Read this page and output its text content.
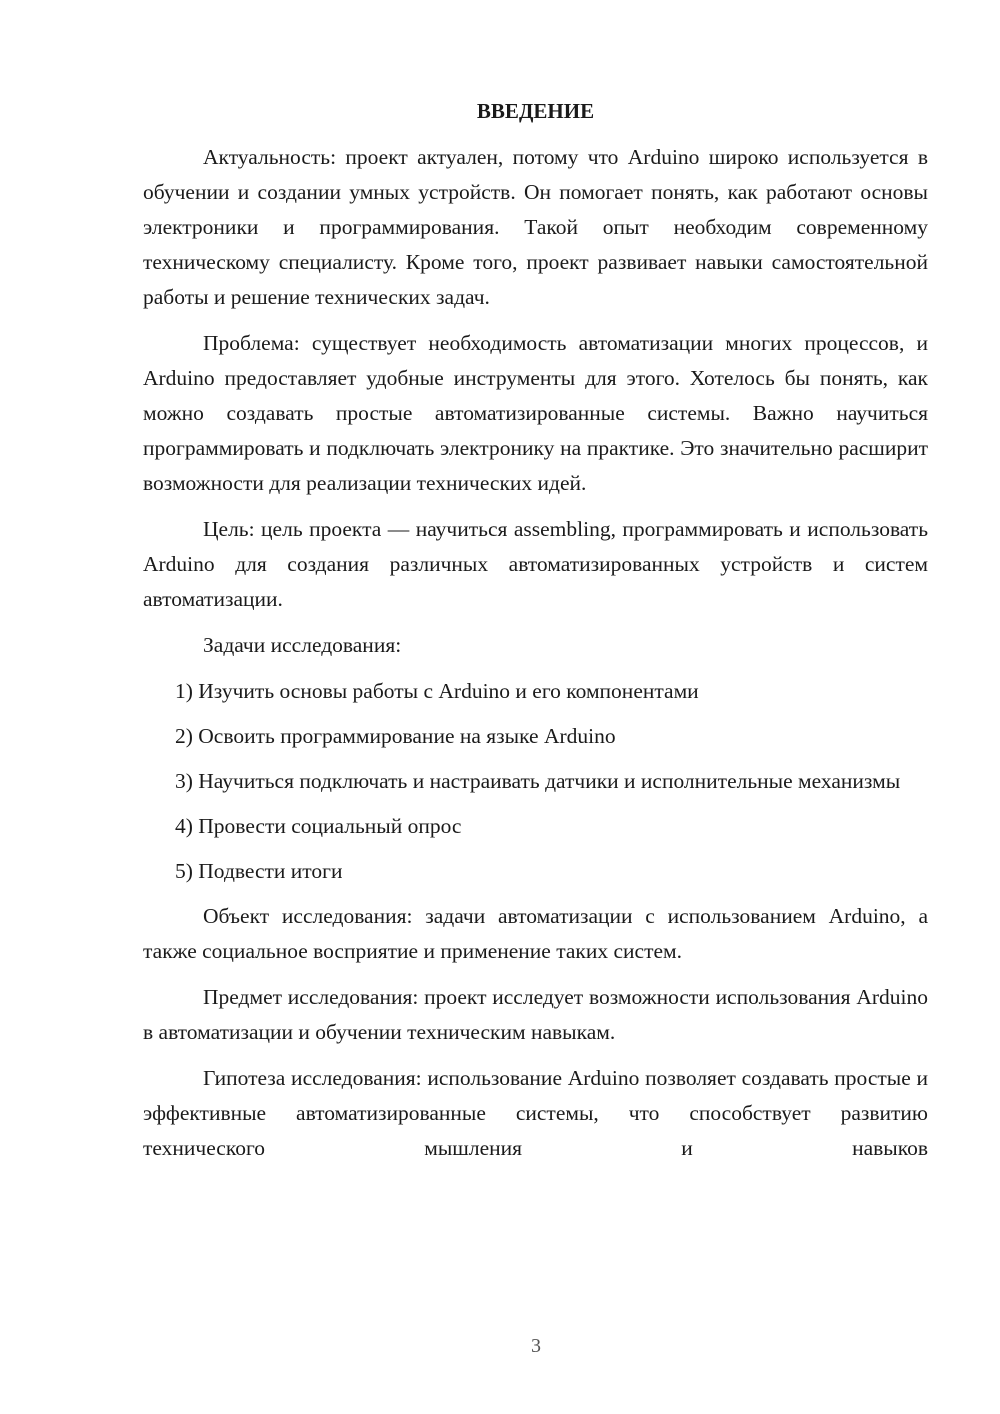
ВВЕДЕНИЕ

Актуальность: проект актуален, потому что Arduino широко используется в обучении и создании умных устройств. Он помогает понять, как работают основы электроники и программирования. Такой опыт необходим современному техническому специалисту. Кроме того, проект развивает навыки самостоятельной работы и решение технических задач.

Проблема: существует необходимость автоматизации многих процессов, и Arduino предоставляет удобные инструменты для этого. Хотелось бы понять, как можно создавать простые автоматизированные системы. Важно научиться программировать и подключать электронику на практике. Это значительно расширит возможности для реализации технических идей.

Цель: цель проекта — научиться assembling, программировать и использовать Arduino для создания различных автоматизированных устройств и систем автоматизации.

Задачи исследования:

1) Изучить основы работы с Arduino и его компонентами
2) Освоить программирование на языке Arduino
3) Научиться подключать и настраивать датчики и исполнительные механизмы
4) Провести социальный опрос
5) Подвести итоги

Объект исследования: задачи автоматизации с использованием Arduino, а также социальное восприятие и применение таких систем.

Предмет исследования: проект исследует возможности использования Arduino в автоматизации и обучении техническим навыкам.

Гипотеза исследования: использование Arduino позволяет создавать простые и эффективные автоматизированные системы, что способствует развитию технического мышления и навыков

3
